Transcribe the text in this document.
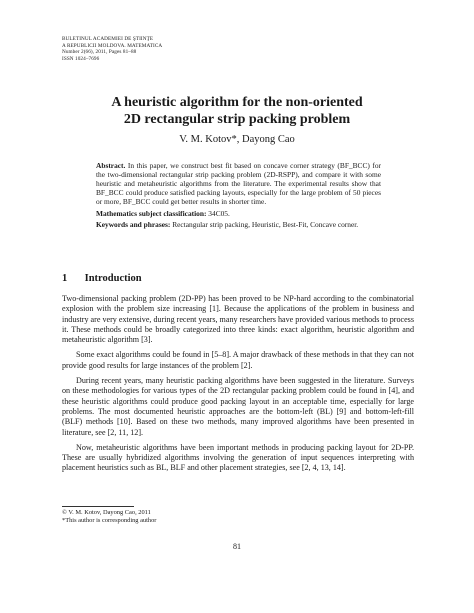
BULETINUL ACADEMIEI DE ŞTIINŢE
A REPUBLICII MOLDOVA. MATEMATICA
Number 2(66), 2011, Pages 81–88
ISSN 1024–7696
A heuristic algorithm for the non-oriented
2D rectangular strip packing problem
V. M. Kotov*, Dayong Cao

Abstract. In this paper, we construct best fit based on concave corner strategy (BF_BCC) for the two-dimensional rectangular strip packing problem (2D-RSPP), and compare it with some heuristic and metaheuristic algorithms from the literature. The experimental results show that BF_BCC could produce satisfied packing layouts, especially for the large problem of 50 pieces or more, BF_BCC could get better results in shorter time.

Mathematics subject classification: 34C05.

Keywords and phrases: Rectangular strip packing, Heuristic, Best-Fit, Concave corner.

1 Introduction

Two-dimensional packing problem (2D-PP) has been proved to be NP-hard according to the combinatorial explosion with the problem size increasing [1]. Because the applications of the problem in business and industry are very extensive, during recent years, many researchers have provided various methods to process it. These methods could be broadly categorized into three kinds: exact algorithm, heuristic algorithm and metaheuristic algorithm [3].

Some exact algorithms could be found in [5–8]. A major drawback of these methods in that they can not provide good results for large instances of the problem [2].

During recent years, many heuristic packing algorithms have been suggested in the literature. Surveys on these methodologies for various types of the 2D rectangular packing problem could be found in [4], and these heuristic algorithms could produce good packing layout in an acceptable time, especially for large problems. The most documented heuristic approaches are the bottom-left (BL) [9] and bottom-left-fill (BLF) methods [10]. Based on these two methods, many improved algorithms have been presented in literature, see [2, 11, 12].

Now, metaheuristic algorithms have been important methods in producing packing layout for 2D-PP. These are usually hybridized algorithms involving the generation of input sequences interpreting with placement heuristics such as BL, BLF and other placement strategies, see [2, 4, 13, 14].

© V. M. Kotov, Dayong Cao, 2011
*This author is corresponding author
81
